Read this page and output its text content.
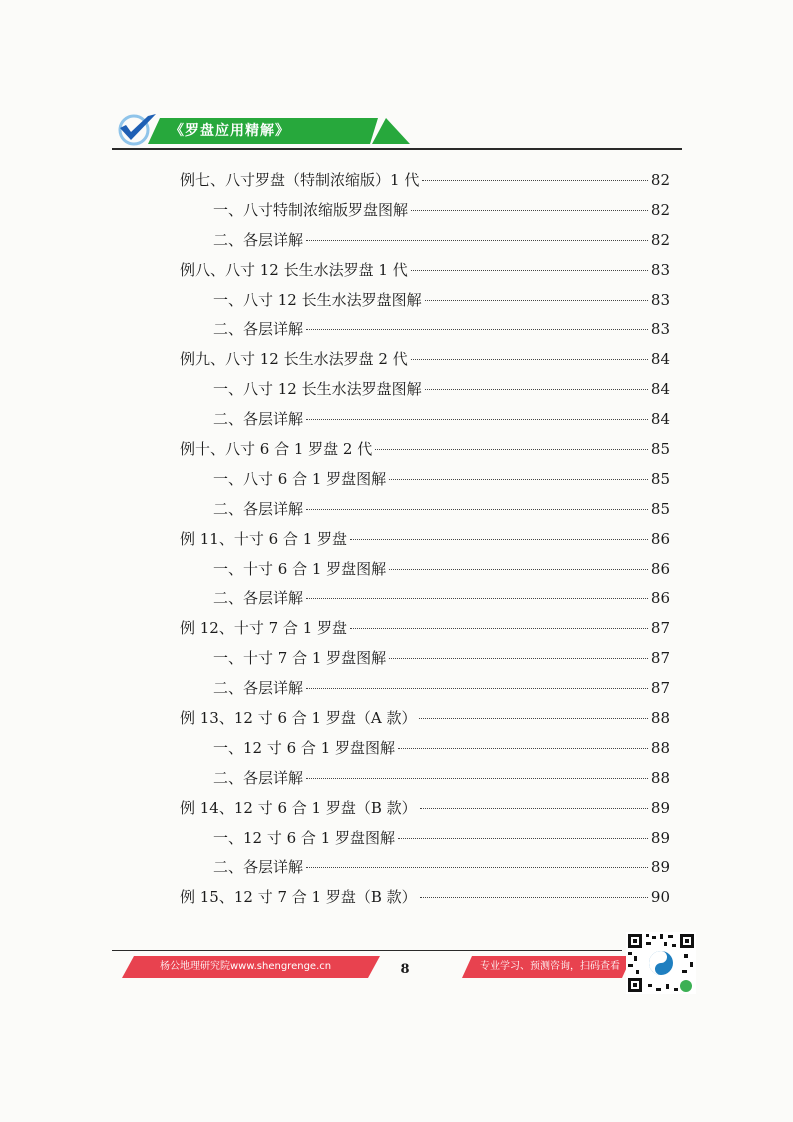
《罗盘应用精解》
例七、八寸罗盘（特制浓缩版）1 代	82
一、八寸特制浓缩版罗盘图解	82
二、各层详解	82
例八、八寸 12 长生水法罗盘 1 代	83
一、八寸 12 长生水法罗盘图解	83
二、各层详解	83
例九、八寸 12 长生水法罗盘 2 代	84
一、八寸 12 长生水法罗盘图解	84
二、各层详解	84
例十、八寸 6 合 1 罗盘 2 代	85
一、八寸 6 合 1 罗盘图解	85
二、各层详解	85
例 11、十寸 6 合 1 罗盘	86
一、十寸 6 合 1 罗盘图解	86
二、各层详解	86
例 12、十寸 7 合 1 罗盘	87
一、十寸 7 合 1 罗盘图解	87
二、各层详解	87
例 13、12 寸 6 合 1 罗盘（A 款）	88
一、12 寸 6 合 1 罗盘图解	88
二、各层详解	88
例 14、12 寸 6 合 1 罗盘（B 款）	89
一、12 寸 6 合 1 罗盘图解	89
二、各层详解	89
例 15、12 寸 7 合 1 罗盘（B 款）	90
杨公地理研究院www.shengrenge.cn	8	专业学习、预测咨询，扫码查看
